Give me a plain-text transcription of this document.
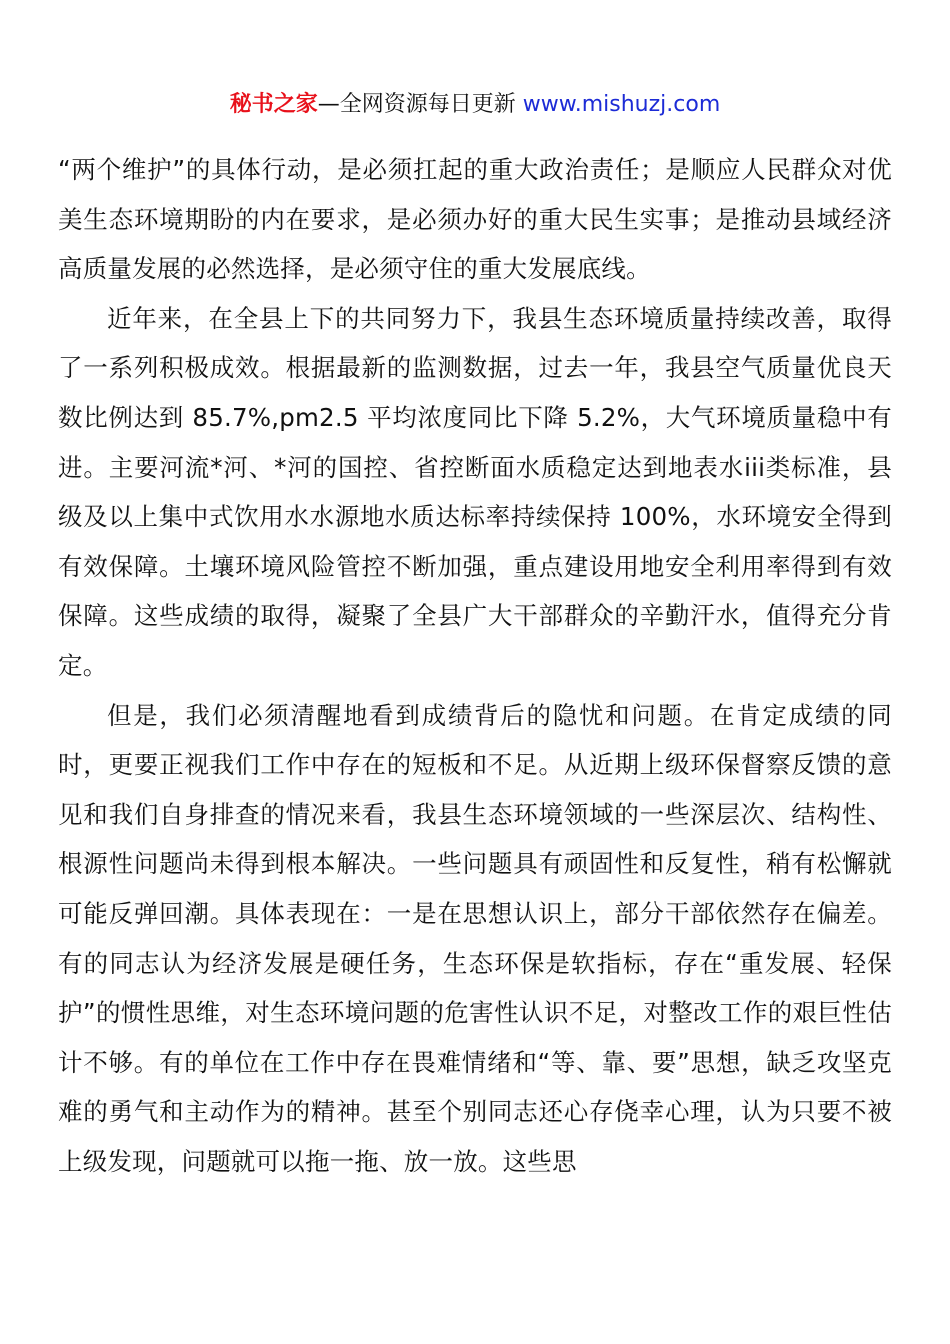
秘书之家—全网资源每日更新 www.mishuzj.com

“两个维护”的具体行动，是必须扛起的重大政治责任；是顺应人民群众对优美生态环境期盼的内在要求，是必须办好的重大民生实事；是推动县域经济高质量发展的必然选择，是必须守住的重大发展底线。

近年来，在全县上下的共同努力下，我县生态环境质量持续改善，取得了一系列积极成效。根据最新的监测数据，过去一年，我县空气质量优良天数比例达到 85.7%,pm2.5 平均浓度同比下降 5.2%，大气环境质量稳中有进。主要河流*河、*河的国控、省控断面水质稳定达到地表水iii类标准，县级及以上集中式饮用水水源地水质达标率持续保持 100%，水环境安全得到有效保障。土壤环境风险管控不断加强，重点建设用地安全利用率得到有效保障。这些成绩的取得，凝聚了全县广大干部群众的辛勤汗水，值得充分肯定。

但是，我们必须清醒地看到成绩背后的隐忧和问题。在肯定成绩的同时，更要正视我们工作中存在的短板和不足。从近期上级环保督察反馈的意见和我们自身排查的情况来看，我县生态环境领域的一些深层次、结构性、根源性问题尚未得到根本解决。一些问题具有顽固性和反复性，稍有松懈就可能反弹回潮。具体表现在：一是在思想认识上，部分干部依然存在偏差。有的同志认为经济发展是硬任务，生态环保是软指标，存在“重发展、轻保护”的惯性思维，对生态环境问题的危害性认识不足，对整改工作的艰巨性估计不够。有的单位在工作中存在畏难情绪和“等、靠、要”思想，缺乏攻坚克难的勇气和主动作为的精神。甚至个别同志还心存侥幸心理，认为只要不被上级发现，问题就可以拖一拖、放一放。这些思
